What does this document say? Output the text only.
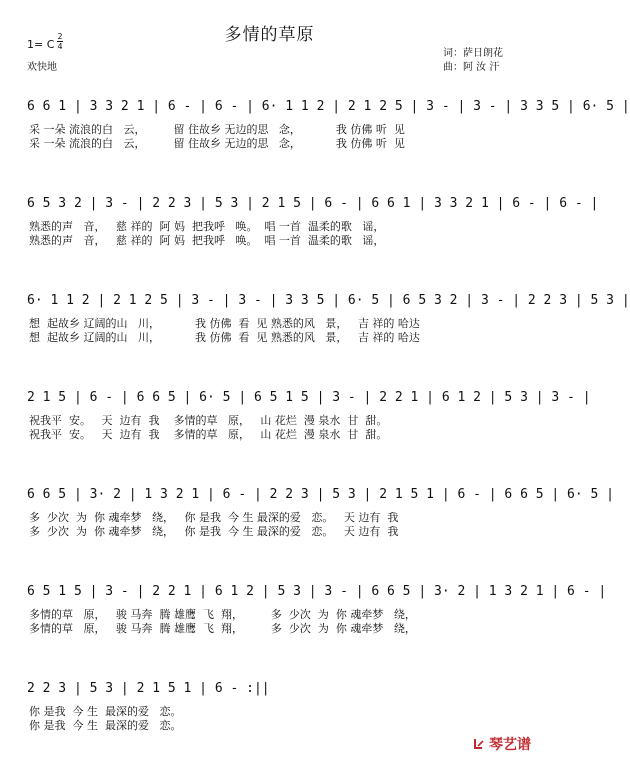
多情的草原
1= C
2
4
欢快地
词：萨日朗花
曲：阿 汝 汗
6 6 1 | 3 3 2 1 | 6 - | 6 - | 6· 1 1 2 | 2 1 2 5 | 3 - | 3 - | 3 3 5 | 6· 5 |
采 一朵 流浪的白   云，        留 住故乡 无边的思   念，          我 仿佛 听  见
采 一朵 流浪的白   云，        留 住故乡 无边的思   念，          我 仿佛 听  见
6 5 3 2 | 3 - | 2 2 3 | 5 3 | 2 1 5 | 6 - | 6 6 1 | 3 3 2 1 | 6 - | 6 - |
熟悉的声   音，   慈 祥的  阿 妈  把我呼   唤。  唱 一首  温柔的歌   谣，
熟悉的声   音，   慈 祥的  阿 妈  把我呼   唤。  唱 一首  温柔的歌   谣，
6· 1 1 2 | 2 1 2 5 | 3 - | 3 - | 3 3 5 | 6· 5 | 6 5 3 2 | 3 - | 2 2 3 | 5 3 |
想  起故乡 辽阔的山   川，          我 仿佛  看  见 熟悉的风   景，   吉 祥的 哈达
想  起故乡 辽阔的山   川，          我 仿佛  看  见 熟悉的风   景，   吉 祥的 哈达
2 1 5 | 6 - | 6 6 5 | 6· 5 | 6 5 1 5 | 3 - | 2 2 1 | 6 1 2 | 5 3 | 3 - |
祝我平  安。   天  边有  我    多情的草   原，   山 花烂  漫 泉水  甘  甜。
祝我平  安。   天  边有  我    多情的草   原，   山 花烂  漫 泉水  甘  甜。
6 6 5 | 3· 2 | 1 3 2 1 | 6 - | 2 2 3 | 5 3 | 2 1 5 1 | 6 - | 6 6 5 | 6· 5 |
多  少次  为  你 魂牵梦   绕，   你 是我  今 生 最深的爱   恋。   天 边有  我
多  少次  为  你 魂牵梦   绕，   你 是我  今 生 最深的爱   恋。   天 边有  我
6 5 1 5 | 3 - | 2 2 1 | 6 1 2 | 5 3 | 3 - | 6 6 5 | 3· 2 | 1 3 2 1 | 6 - |
多情的草   原，   骏 马奔  腾 雄鹰  飞  翔，        多  少次  为  你 魂牵梦   绕，
多情的草   原，   骏 马奔  腾 雄鹰  飞  翔，        多  少次  为  你 魂牵梦   绕，
2 2 3 | 5 3 | 2 1 5 1 | 6 - :||
你 是我  今 生  最深的爱   恋。
你 是我  今 生  最深的爱   恋。
琴艺谱
